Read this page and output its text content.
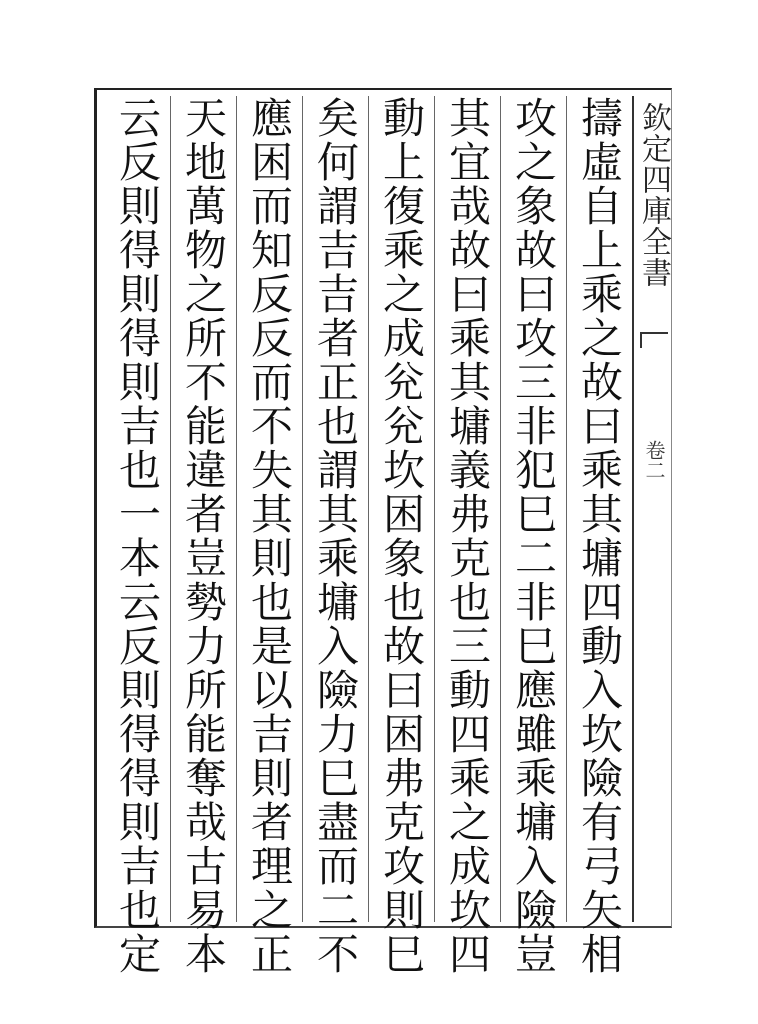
欽定四庫全書
卷二
擣虛自上乘之故曰乘其墉四動入坎險有弓矢相
攻之象故曰攻三非犯巳二非巳應雖乘墉入險豈
其宜哉故曰乘其墉義弗克也三動四乘之成坎四
動上復乘之成兊兊坎困象也故曰困弗克攻則巳
矣何謂吉吉者正也謂其乘墉入險力巳盡而二不
應困而知反反而不失其則也是以吉則者理之正
天地萬物之所不能違者豈勢力所能奪哉古易本
云反則得則得則吉也一本云反則得得則吉也定
